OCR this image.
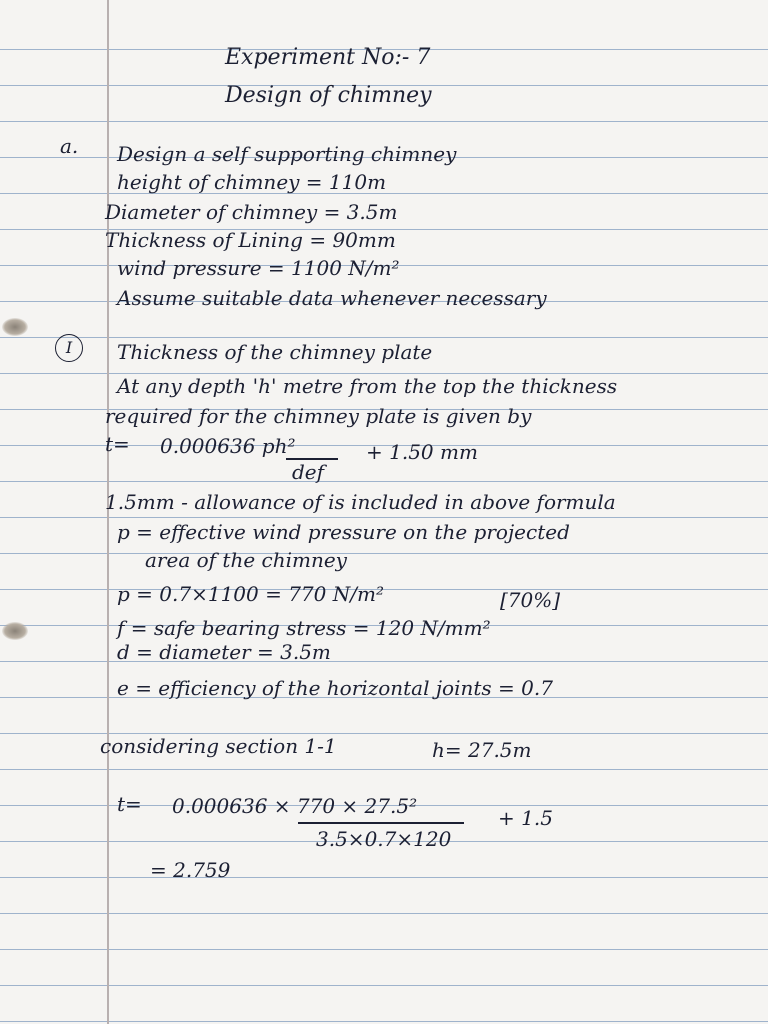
Experiment No:- 7
Design of chimney
a. Design a self supporting chimney
height of chimney = 110m
Diameter of chimney = 3.5m
Thickness of Lining = 90mm
wind pressure = 1100 N/m²
Assume suitable data whenever necessary
I	Thickness of the chimney plate
At any depth 'h' metre from the top the thickness
required for the chimney plate is given by
t= 0.000636 ph²
def
+ 1.50 mm
1.5mm - allowance of is included in above formula
p = effective wind pressure on the projected
area of the chimney
p = 0.7×1100 = 770 N/m²	[70%]
f = safe bearing stress = 120 N/mm²
d = diameter = 3.5m
e = efficiency of the horizontal joints = 0.7
considering section 1-1	h= 27.5m
t= 0.000636 × 770 × 27.5²
3.5×0.7×120
+ 1.5
= 2.759
